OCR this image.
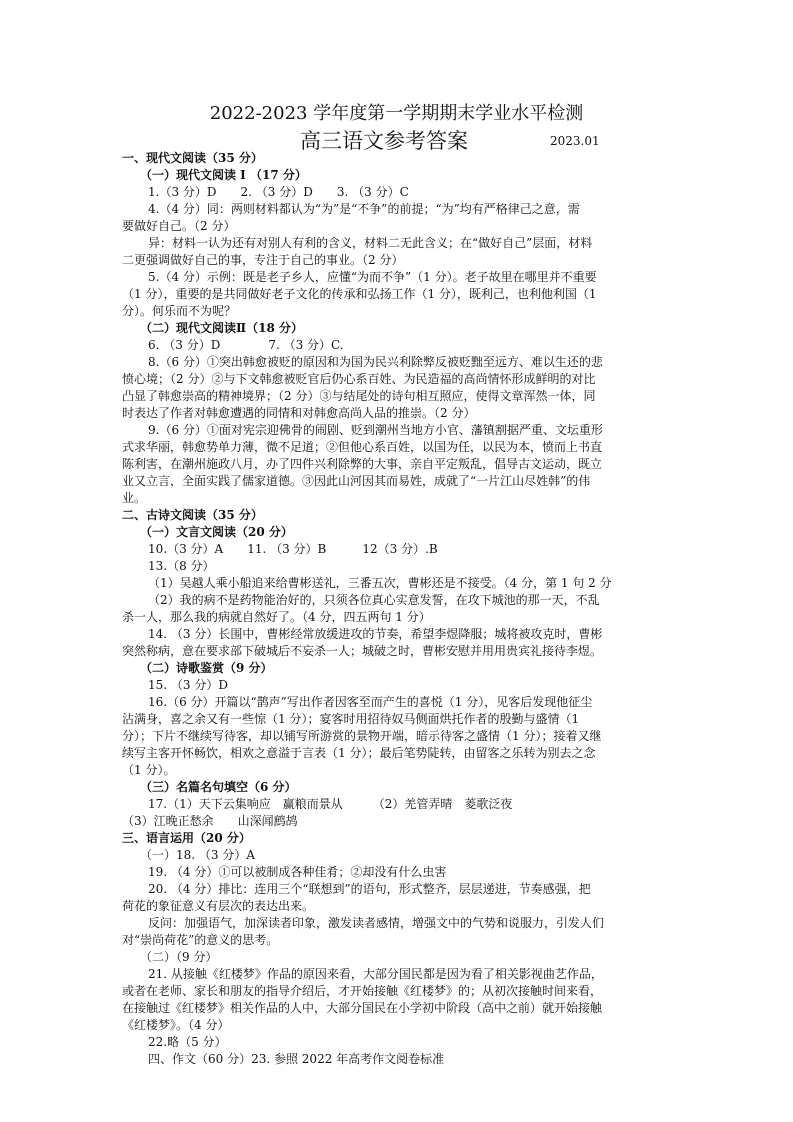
2022-2023 学年度第一学期期末学业水平检测
高三语文参考答案	2023.01
一、现代文阅读（35 分）
（一）现代文阅读 I （17 分）
1.（3 分）D　　2. （3 分）D　　3. （3 分）C
4.（4 分）同：两则材料都认为“为”是“不争”的前提；“为”均有严格律己之意，需
要做好自己。（2 分）
异：材料一认为还有对别人有利的含义，材料二无此含义；在“做好自己”层面，材料
二更强调做好自己的事，专注于自己的事业。（2 分）
5.（4 分）示例：既是老子乡人，应懂“为而不争”（1 分）。老子故里在哪里并不重要
（1 分），重要的是共同做好老子文化的传承和弘扬工作（1 分），既利己，也利他利国（1
分）。何乐而不为呢？
（二）现代文阅读Ⅱ（18 分）
6. （3 分）D　　　　7. （3 分）C.
8.（6 分）①突出韩愈被贬的原因和为国为民兴利除弊反被贬黜至远方、难以生还的悲
愤心境；（2 分）②与下文韩愈被贬官后仍心系百姓、为民造福的高尚情怀形成鲜明的对比
凸显了韩愈崇高的精神境界；（2 分）③与结尾处的诗句相互照应，使得文章浑然一体，同
时表达了作者对韩愈遭遇的同情和对韩愈高尚人品的推崇。（2 分）
9.（6 分）①面对宪宗迎佛骨的闹剧、贬到潮州当地方小官、藩镇割据严重、文坛重形
式求华丽，韩愈势单力薄，微不足道；②但他心系百姓，以国为任，以民为本，愤而上书直
陈利害，在潮州施政八月，办了四件兴利除弊的大事，亲自平定叛乱，倡导古文运动，既立
业又立言，全面实践了儒家道德。③因此山河因其而易姓，成就了“一片江山尽姓韩”的伟
业。
二、古诗文阅读（35 分）
（一）文言文阅读（20 分）
10.（3 分）A　　11. （3 分）B　　　12（3 分）.B
13.（8 分）
（1）吴越人乘小船追来给曹彬送礼，三番五次，曹彬还是不接受。（4 分，第 1 句 2 分
（2）我的病不是药物能治好的，只须各位真心实意发誓，在攻下城池的那一天，不乱
杀一人，那么我的病就自然好了。（4 分，四五两句 1 分）
14. （3 分）长围中，曹彬经常放缓进攻的节奏，希望李煜降服；城将被攻克时，曹彬
突然称病，意在要求部下破城后不妄杀一人；城破之时，曹彬安慰并用用贵宾礼接待李煜。
（二）诗歌鉴赏（9 分）
15. （3 分）D
16.（6 分）开篇以“鹊声”写出作者因客至而产生的喜悦（1 分），见客后发现他征尘
沾满身，喜之余又有一些惊（1 分）；宴客时用招待奴马侧面烘托作者的殷勤与盛情（1
分）；下片不继续写待客，却以铺写所游赏的景物开端，暗示待客之盛情（1 分）；接着又继
续写主客开怀畅饮，相欢之意溢于言表（1 分）；最后笔势陡转，由留客之乐转为别去之念
（1 分）。
（三）名篇名句填空（6 分）
17.（1）天下云集响应　赢粮而景从　　　（2）羌管弄晴　菱歌泛夜
（3）江晚正愁余　　山深闻鹧鸪
三、语言运用（20 分）
（一）18. （3 分）A
19. （4 分）①可以被制成各种佳肴；②却没有什么虫害
20. （4 分）排比：连用三个“联想到”的语句，形式整齐，层层递进，节奏感强，把
荷花的象征意义有层次的表达出来。
反问：加强语气，加深读者印象，激发读者感情，增强文中的气势和说服力，引发人们
对“崇尚荷花”的意义的思考。
（二）（9 分）
21. 从接触《红楼梦》作品的原因来看，大部分国民都是因为看了相关影视曲艺作品，
或者在老师、家长和朋友的指导介绍后，才开始接触《红楼梦》的；从初次接触时间来看，
在接触过《红楼梦》相关作品的人中，大部分国民在小学初中阶段（高中之前）就开始接触
《红楼梦》。（4 分）
22.略（5 分）
四、作文（60 分）23. 参照 2022 年高考作文阅卷标准
